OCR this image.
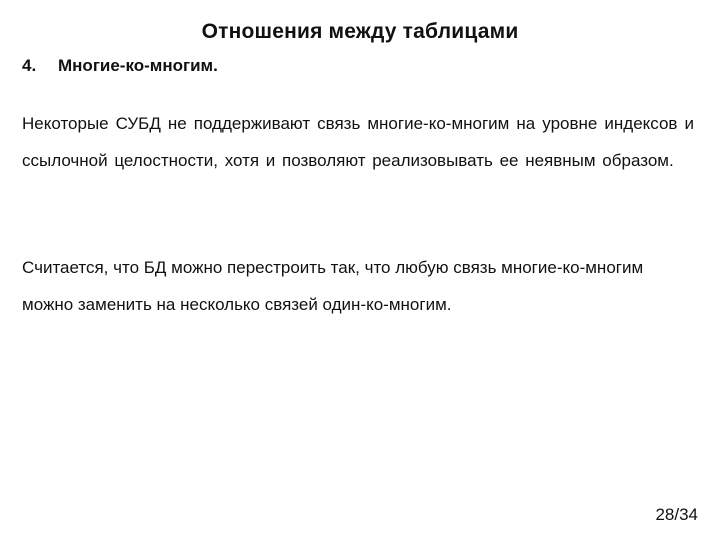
Отношения между таблицами
4. Многие-ко-многим.

Некоторые СУБД не поддерживают связь многие-ко-многим на уровне индексов и ссылочной целостности, хотя и позволяют реализовывать ее неявным образом.

Считается, что БД можно перестроить так, что любую связь многие-ко-многим можно заменить на несколько связей один-ко-многим.

28/34
